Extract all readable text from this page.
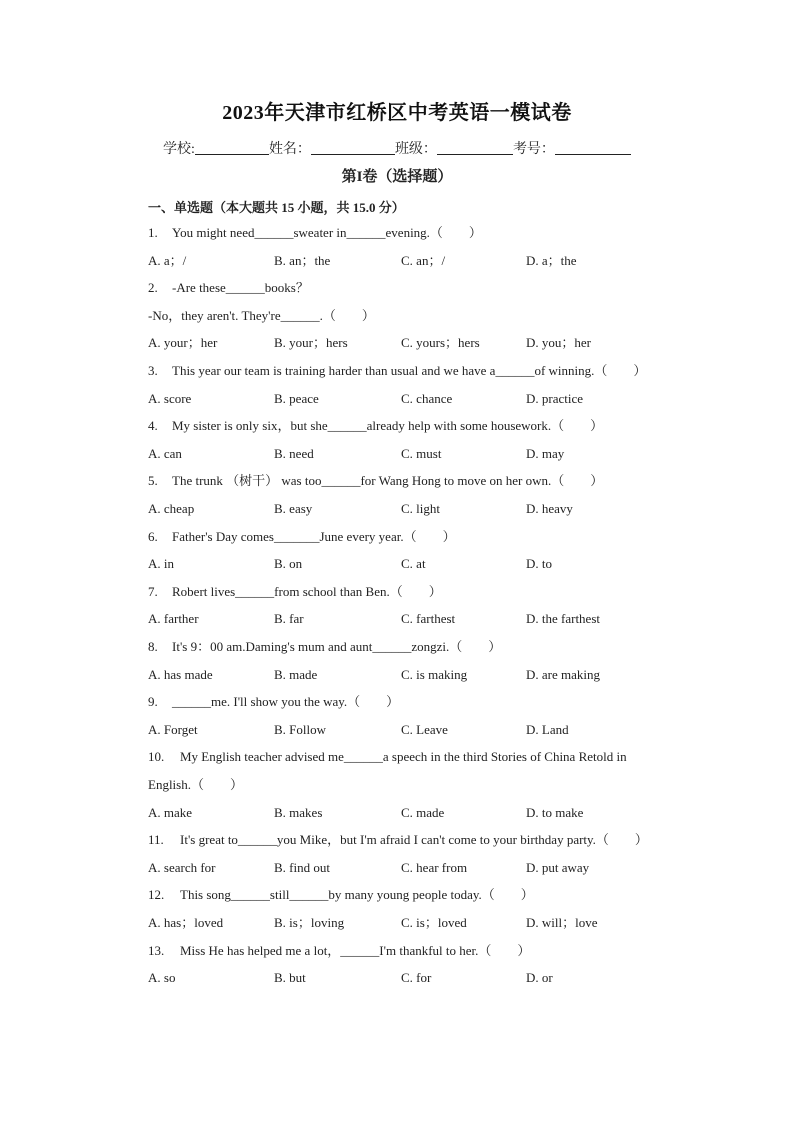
2023年天津市红桥区中考英语一模试卷
学校:	姓名：	班级：	考号：
第I卷（选择题）
一、单选题（本大题共 15 小题，共 15.0 分）
1. You might need______sweater in______evening.（　　）
A. a；/	B. an；the	C. an；/	D. a；the
2. -Are these______books？
-No，they aren't. They're______.（　　）
A. your；her	B. your；hers	C. yours；hers	D. you；her
3. This year our team is training harder than usual and we have a______of winning.（　　）
A. score	B. peace	C. chance	D. practice
4. My sister is only six，but she______already help with some housework.（　　）
A. can	B. need	C. must	D. may
5. The trunk （树干） was too______for Wang Hong to move on her own.（　　）
A. cheap	B. easy	C. light	D. heavy
6. Father's Day comes_______June every year.（　　）
A. in	B. on	C. at	D. to
7. Robert lives______from school than Ben.（　　）
A. farther	B. far	C. farthest	D. the farthest
8. It's 9：00 am.Daming's mum and aunt______zongzi.（　　）
A. has made	B. made	C. is making	D. are making
9. ______me. I'll show you the way.（　　）
A. Forget	B. Follow	C. Leave	D. Land
10. My English teacher advised me______a speech in the third Stories of China Retold in
English.（　　）
A. make	B. makes	C. made	D. to make
11. It's great to______you Mike，but I'm afraid I can't come to your birthday party.（　　）
A. search for	B. find out	C. hear from	D. put away
12. This song______still______by many young people today.（　　）
A. has；loved	B. is；loving	C. is；loved	D. will；love
13. Miss He has helped me a lot，______I'm thankful to her.（　　）
A. so	B. but	C. for	D. or
